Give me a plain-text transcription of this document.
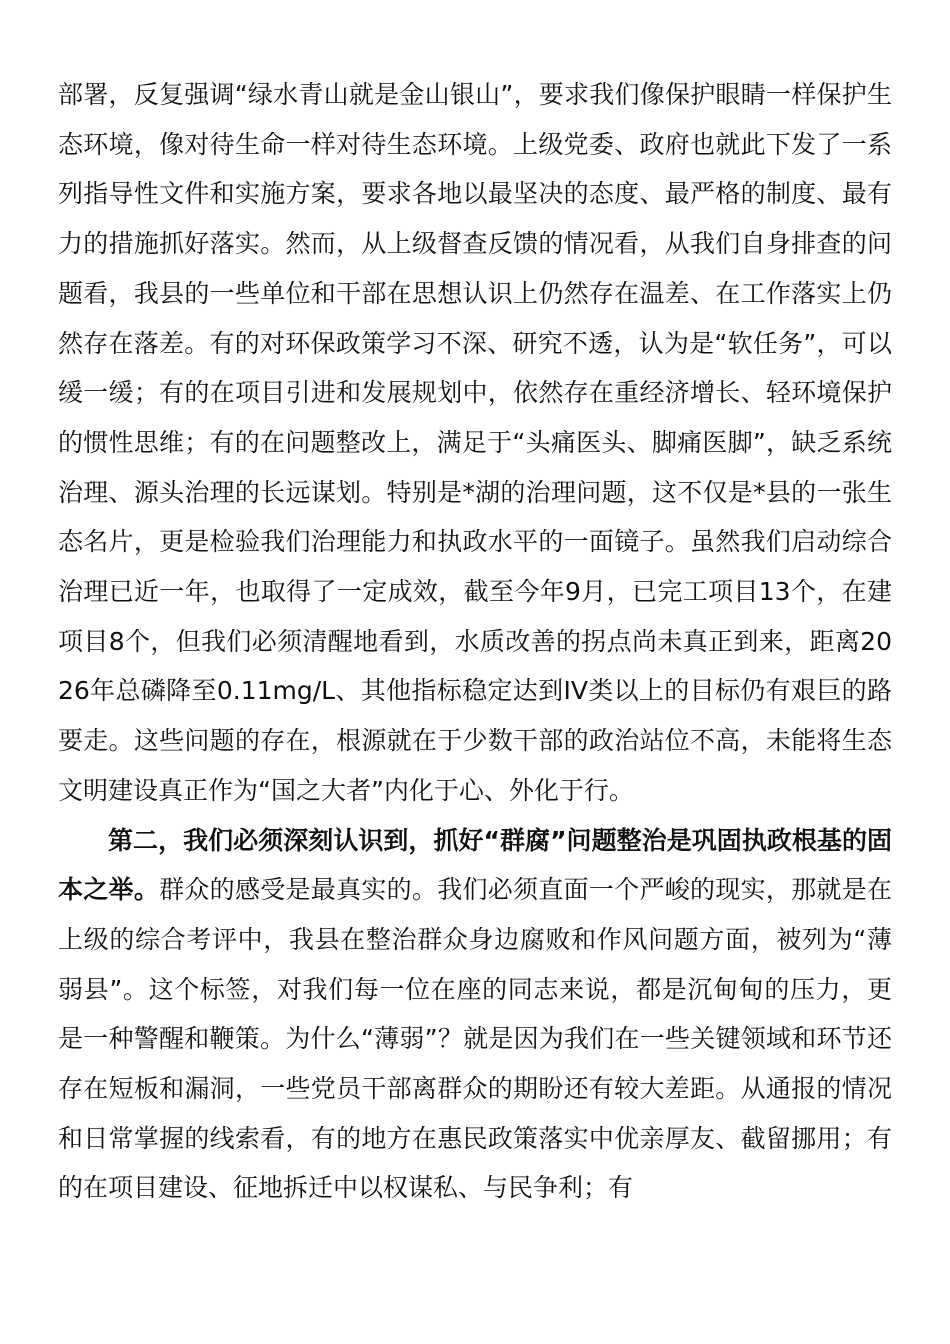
部署，反复强调“绿水青山就是金山银山”，要求我们像保护眼睛一样保护生态环境，像对待生命一样对待生态环境。上级党委、政府也就此下发了一系列指导性文件和实施方案，要求各地以最坚决的态度、最严格的制度、最有力的措施抓好落实。然而，从上级督查反馈的情况看，从我们自身排查的问题看，我县的一些单位和干部在思想认识上仍然存在温差、在工作落实上仍然存在落差。有的对环保政策学习不深、研究不透，认为是“软任务”，可以缓一缓；有的在项目引进和发展规划中，依然存在重经济增长、轻环境保护的惯性思维；有的在问题整改上，满足于“头痛医头、脚痛医脚”，缺乏系统治理、源头治理的长远谋划。特别是*湖的治理问题，这不仅是*县的一张生态名片，更是检验我们治理能力和执政水平的一面镜子。虽然我们启动综合治理已近一年，也取得了一定成效，截至今年9月，已完工项目13个，在建项目8个，但我们必须清醒地看到，水质改善的拐点尚未真正到来，距离2026年总磷降至0.11mg/L、其他指标稳定达到IV类以上的目标仍有艰巨的路要走。这些问题的存在，根源就在于少数干部的政治站位不高，未能将生态文明建设真正作为“国之大者”内化于心、外化于行。

第二，我们必须深刻认识到，抓好“群腐”问题整治是巩固执政根基的固本之举。群众的感受是最真实的。我们必须直面一个严峻的现实，那就是在上级的综合考评中，我县在整治群众身边腐败和作风问题方面，被列为“薄弱县”。这个标签，对我们每一位在座的同志来说，都是沉甸甸的压力，更是一种警醒和鞭策。为什么“薄弱”？就是因为我们在一些关键领域和环节还存在短板和漏洞，一些党员干部离群众的期盼还有较大差距。从通报的情况和日常掌握的线索看，有的地方在惠民政策落实中优亲厚友、截留挪用；有的在项目建设、征地拆迁中以权谋私、与民争利；有
